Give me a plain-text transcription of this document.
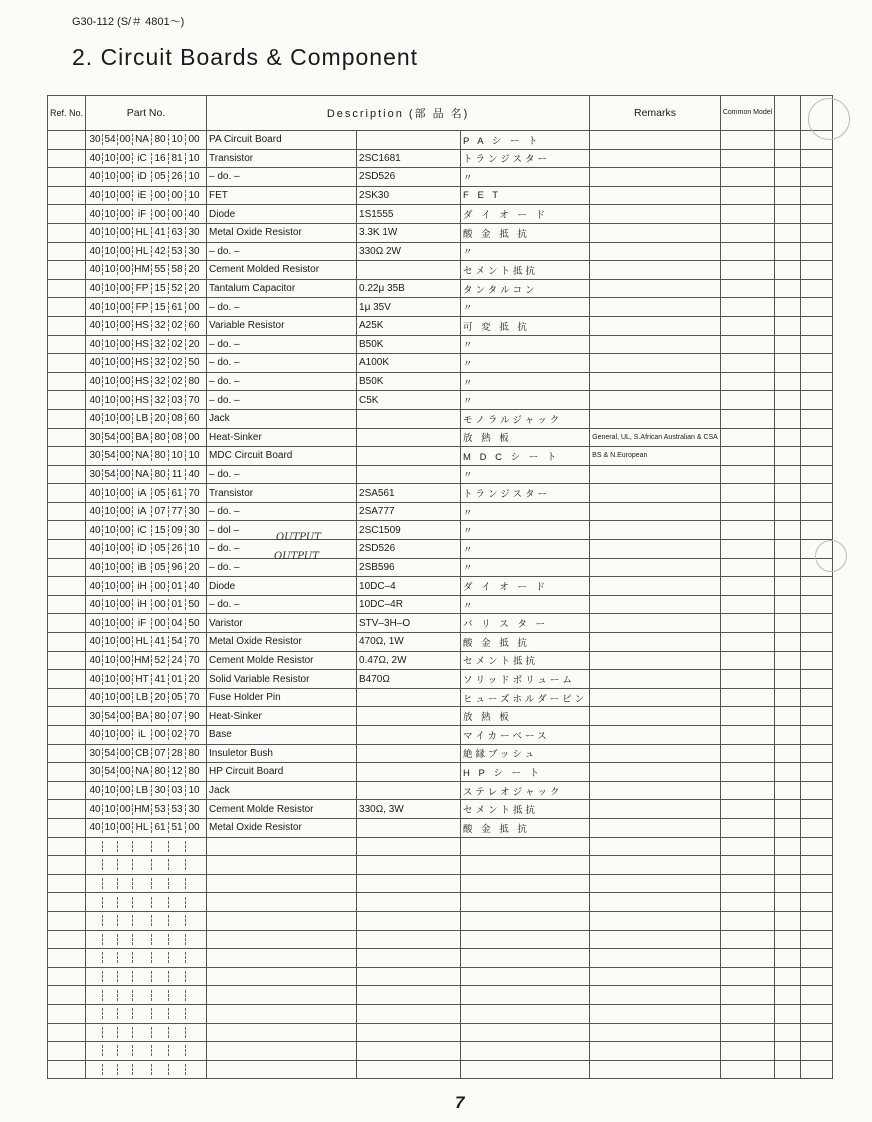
G30-112 (S/＃ 4801～)
2. Circuit Boards & Component
Ref. No.	Part No.	Description (部 品 名)			Remarks	Common Model		
	30 54 00 NA 80 10 00	PA Circuit Board		P A シ ー ト				
	40 10 00 iC 16 81 10	Transistor	2SC1681	トランジスター				
	40 10 00 iD 05 26 10	– do. –	2SD526	〃				
	40 10 00 iE 00 00 10	FET	2SK30	F E T				
	40 10 00 iF 00 00 40	Diode	1S1555	ダ イ オ ー ド				
	40 10 00 HL 41 63 30	Metal Oxide Resistor	3.3K 1W	酸 金 抵 抗				
	40 10 00 HL 42 53 30	– do. –	330Ω 2W	〃				
	40 10 00 HM 55 58 20	Cement Molded Resistor		セメント抵抗				
	40 10 00 FP 15 52 20	Tantalum Capacitor	0.22μ 35B	タンタルコン				
	40 10 00 FP 15 61 00	– do. –	1μ 35V	〃				
	40 10 00 HS 32 02 60	Variable Resistor	A25K	可 変 抵 抗				
	40 10 00 HS 32 02 20	– do. –	B50K	〃				
	40 10 00 HS 32 02 50	– do. –	A100K	〃				
	40 10 00 HS 32 02 80	– do. –	B50K	〃				
	40 10 00 HS 32 03 70	– do. –	C5K	〃				
	40 10 00 LB 20 08 60	Jack		モノラルジャック				
	30 54 00 BA 80 08 00	Heat-Sinker		放 熱 板	General, UL, S.African Australian & CSA			
	30 54 00 NA 80 10 10	MDC Circuit Board		M D C シ ー ト	BS & N.European			
	30 54 00 NA 80 11 40	– do. –		〃				
	40 10 00 iA 05 61 70	Transistor	2SA561	トランジスター				
	40 10 00 iA 07 77 30	– do. –	2SA777	〃				
	40 10 00 iC 15 09 30	– dol –	2SC1509	〃				
	40 10 00 iD 05 26 10	– do. –	2SD526	〃				
	40 10 00 iB 05 96 20	– do. –	2SB596	〃				
	40 10 00 iH 00 01 40	Diode	10DC–4	ダ イ オ ー ド				
	40 10 00 iH 00 01 50	– do. –	10DC–4R	〃				
	40 10 00 iF 00 04 50	Varistor	STV–3H–O	バ リ ス タ ー				
	40 10 00 HL 41 54 70	Metal Oxide Resistor	470Ω, 1W	酸 金 抵 抗				
	40 10 00 HM 52 24 70	Cement Molde Resistor	0.47Ω, 2W	セメント抵抗				
	40 10 00 HT 41 01 20	Solid Variable Resistor	B470Ω	ソリッドボリューム				
	40 10 00 LB 20 05 70	Fuse Holder Pin		ヒューズホルダーピン				
	30 54 00 BA 80 07 90	Heat-Sinker		放 熱 板				
	40 10 00 iL 00 02 70	Base		マイカーベース				
	30 54 00 CB 07 28 80	Insuletor Bush		絶縁ブッシュ				
	30 54 00 NA 80 12 80	HP Circuit Board		H P シ ー ト				
	40 10 00 LB 30 03 10	Jack		ステレオジャック				
	40 10 00 HM 53 53 30	Cement Molde Resistor	330Ω, 3W	セメント抵抗				
	40 10 00 HL 61 51 00	Metal Oxide Resistor		酸 金 抵 抗				

OUTPUT
OUTPUT
7
